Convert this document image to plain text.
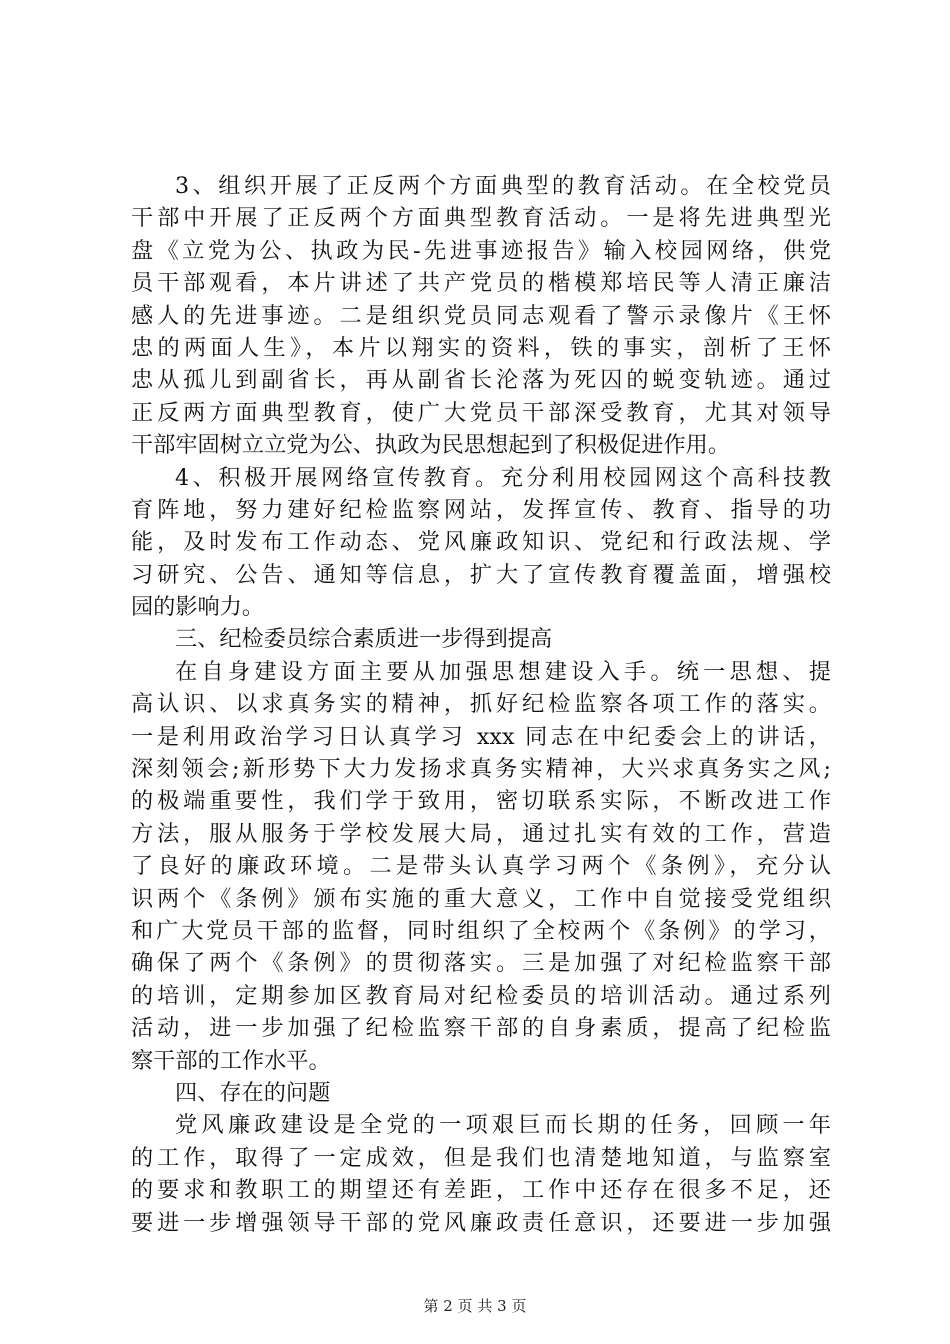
3、组织开展了正反两个方面典型的教育活动。在全校党员
干部中开展了正反两个方面典型教育活动。一是将先进典型光
盘《立党为公、执政为民-先进事迹报告》输入校园网络，供党
员干部观看，本片讲述了共产党员的楷模郑培民等人清正廉洁
感人的先进事迹。二是组织党员同志观看了警示录像片《王怀
忠的两面人生》，本片以翔实的资料，铁的事实，剖析了王怀
忠从孤儿到副省长，再从副省长沦落为死囚的蜕变轨迹。通过
正反两方面典型教育，使广大党员干部深受教育，尤其对领导
干部牢固树立立党为公、执政为民思想起到了积极促进作用。
4、积极开展网络宣传教育。充分利用校园网这个高科技教
育阵地，努力建好纪检监察网站，发挥宣传、教育、指导的功
能，及时发布工作动态、党风廉政知识、党纪和行政法规、学
习研究、公告、通知等信息，扩大了宣传教育覆盖面，增强校
园的影响力。
三、纪检委员综合素质进一步得到提高
在自身建设方面主要从加强思想建设入手。统一思想、提
高认识、以求真务实的精神，抓好纪检监察各项工作的落实。
一是利用政治学习日认真学习 xxx 同志在中纪委会上的讲话，
深刻领会;新形势下大力发扬求真务实精神，大兴求真务实之风;
的极端重要性，我们学于致用，密切联系实际，不断改进工作
方法，服从服务于学校发展大局，通过扎实有效的工作，营造
了良好的廉政环境。二是带头认真学习两个《条例》，充分认
识两个《条例》颁布实施的重大意义，工作中自觉接受党组织
和广大党员干部的监督，同时组织了全校两个《条例》的学习，
确保了两个《条例》的贯彻落实。三是加强了对纪检监察干部
的培训，定期参加区教育局对纪检委员的培训活动。通过系列
活动，进一步加强了纪检监察干部的自身素质，提高了纪检监
察干部的工作水平。
四、存在的问题
党风廉政建设是全党的一项艰巨而长期的任务，回顾一年
的工作，取得了一定成效，但是我们也清楚地知道，与监察室
的要求和教职工的期望还有差距，工作中还存在很多不足，还
要进一步增强领导干部的党风廉政责任意识，还要进一步加强
第 2 页 共 3 页
